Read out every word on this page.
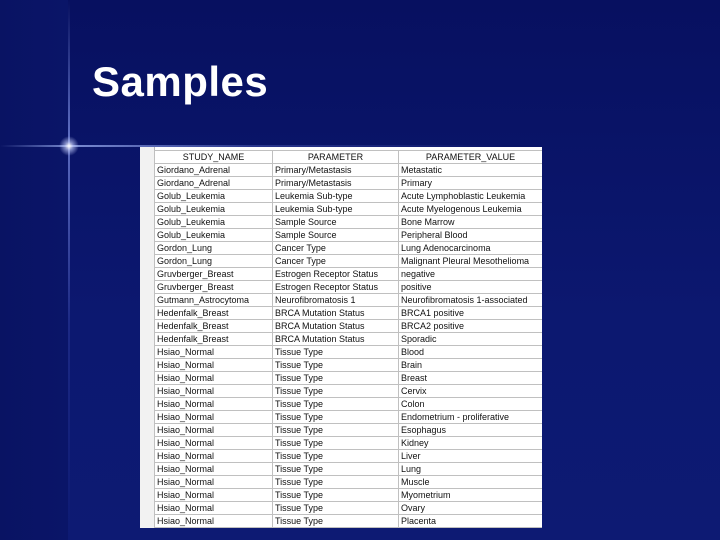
Samples
STUDY_NAME	PARAMETER	PARAMETER_VALUE
Giordano_Adrenal	Primary/Metastasis	Metastatic
Giordano_Adrenal	Primary/Metastasis	Primary
Golub_Leukemia	Leukemia Sub-type	Acute Lymphoblastic Leukemia
Golub_Leukemia	Leukemia Sub-type	Acute Myelogenous Leukemia
Golub_Leukemia	Sample Source	Bone Marrow
Golub_Leukemia	Sample Source	Peripheral Blood
Gordon_Lung	Cancer Type	Lung Adenocarcinoma
Gordon_Lung	Cancer Type	Malignant Pleural Mesothelioma
Gruvberger_Breast	Estrogen Receptor Status	negative
Gruvberger_Breast	Estrogen Receptor Status	positive
Gutmann_Astrocytoma	Neurofibromatosis 1	Neurofibromatosis 1-associated
Hedenfalk_Breast	BRCA Mutation Status	BRCA1 positive
Hedenfalk_Breast	BRCA Mutation Status	BRCA2 positive
Hedenfalk_Breast	BRCA Mutation Status	Sporadic
Hsiao_Normal	Tissue Type	Blood
Hsiao_Normal	Tissue Type	Brain
Hsiao_Normal	Tissue Type	Breast
Hsiao_Normal	Tissue Type	Cervix
Hsiao_Normal	Tissue Type	Colon
Hsiao_Normal	Tissue Type	Endometrium - proliferative
Hsiao_Normal	Tissue Type	Esophagus
Hsiao_Normal	Tissue Type	Kidney
Hsiao_Normal	Tissue Type	Liver
Hsiao_Normal	Tissue Type	Lung
Hsiao_Normal	Tissue Type	Muscle
Hsiao_Normal	Tissue Type	Myometrium
Hsiao_Normal	Tissue Type	Ovary
Hsiao_Normal	Tissue Type	Placenta
